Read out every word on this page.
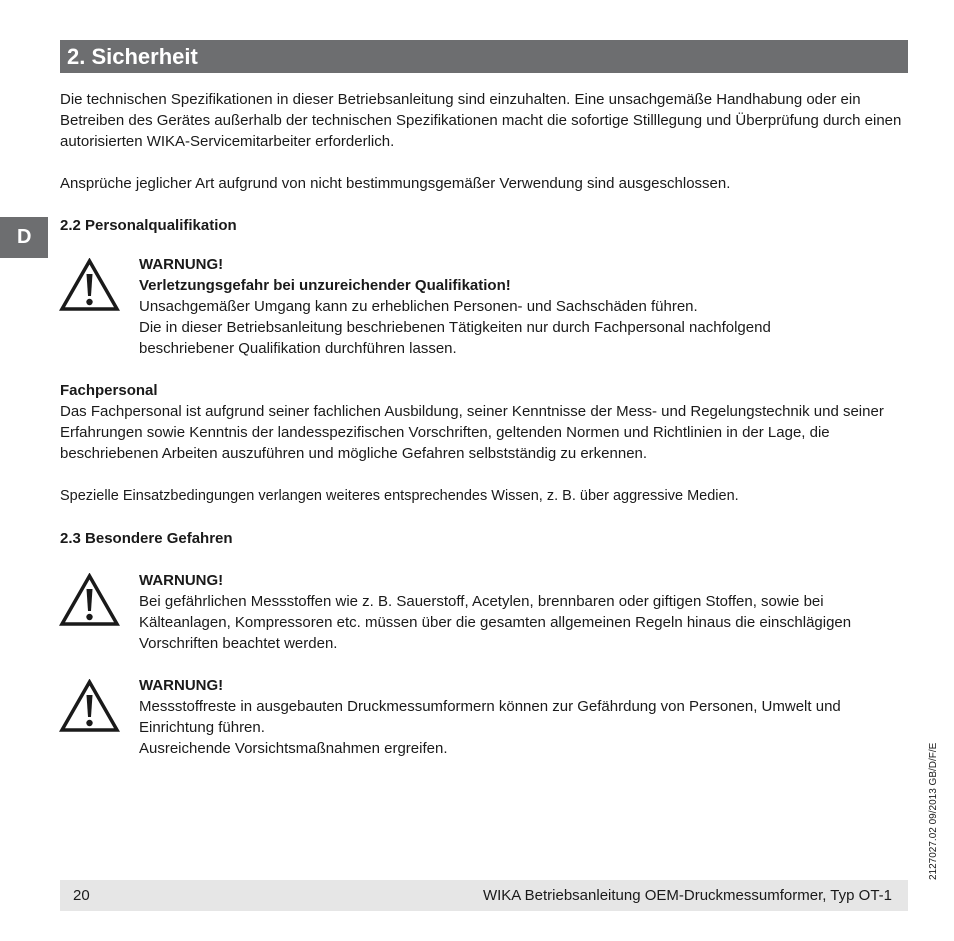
2. Sicherheit
D

Die technischen Spezifikationen in dieser Betriebsanleitung sind einzuhalten. Eine unsachgemäße Handhabung oder ein Betreiben des Gerätes außerhalb der technischen Spezifikationen macht die sofortige Stilllegung und Überprüfung durch einen autorisierten WIKA-Servicemitarbeiter erforderlich.

Ansprüche jeglicher Art aufgrund von nicht bestimmungsgemäßer Verwendung sind ausgeschlossen.

2.2 Personalqualifikation

WARNUNG!
Verletzungsgefahr bei unzureichender Qualifikation!
Unsachgemäßer Umgang kann zu erheblichen Personen- und Sachschäden führen.
Die in dieser Betriebsanleitung beschriebenen Tätigkeiten nur durch Fachpersonal nachfolgend beschriebener Qualifikation durchführen lassen.

Fachpersonal

Das Fachpersonal ist aufgrund seiner fachlichen Ausbildung, seiner Kenntnisse der Mess- und Regelungstechnik und seiner Erfahrungen sowie Kenntnis der landesspezifischen Vorschriften, geltenden Normen und Richtlinien in der Lage, die beschriebenen Arbeiten auszuführen und mögliche Gefahren selbstständig zu erkennen.

Spezielle Einsatzbedingungen verlangen weiteres entsprechendes Wissen, z. B. über aggressive Medien.

2.3 Besondere Gefahren

WARNUNG!
Bei gefährlichen Messstoffen wie z. B. Sauerstoff, Acetylen, brennbaren oder giftigen Stoffen, sowie bei Kälteanlagen, Kompressoren etc. müssen über die gesamten allgemeinen Regeln hinaus die einschlägigen Vorschriften beachtet werden.
WARNUNG!
Messstoffreste in ausgebauten Druckmessumformern können zur Gefährdung von Personen, Umwelt und Einrichtung führen.
Ausreichende Vorsichtsmaßnahmen ergreifen.	2127027.02 09/2013 GB/D/F/E
20	WIKA Betriebsanleitung OEM-Druckmessumformer, Typ OT-1
